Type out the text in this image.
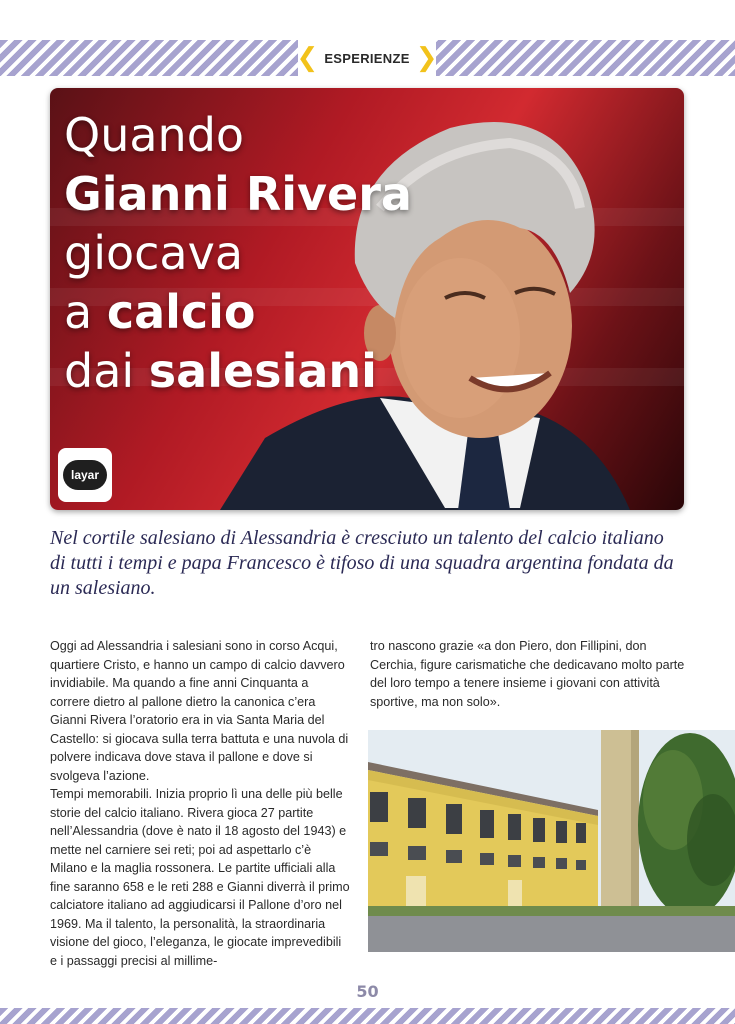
❮ ESPERIENZE ❯
Quando
Gianni Rivera
giocava
a calcio
dai salesiani
layar

Nel cortile salesiano di Alessandria è cresciuto un talento del calcio italiano di tutti i tempi e papa Francesco è tifoso di una squadra argentina fondata da un salesiano.

Oggi ad Alessandria i salesiani sono in corso Acqui, quartiere Cristo, e hanno un campo di calcio davvero invidiabile. Ma quando a fine anni Cinquanta a correre dietro al pallone dietro la canonica c’era Gianni Rivera l’oratorio era in via Santa Maria del Castello: si giocava sulla terra battuta e una nuvola di polvere indicava dove stava il pallone e dove si svolgeva l’azione.

Tempi memorabili. Inizia proprio lì una delle più belle storie del calcio italiano. Rivera gioca 27 partite nell’Alessandria (dove è nato il 18 agosto del 1943) e mette nel carniere sei reti; poi ad aspettarlo c’è Milano e la maglia rossonera. Le partite ufficiali alla fine saranno 658 e le reti 288 e Gianni diverrà il primo calciatore italiano ad aggiudicarsi il Pallone d’oro nel 1969. Ma il talento, la personalità, la straordinaria visione del gioco, l’eleganza, le giocate imprevedibili e i passaggi precisi al millime-

tro nascono grazie «a don Piero, don Fillipini, don Cerchia, figure carismatiche che dedicavano molto parte del loro tempo a tenere insieme i giovani con attività sportive, ma non solo».

50
